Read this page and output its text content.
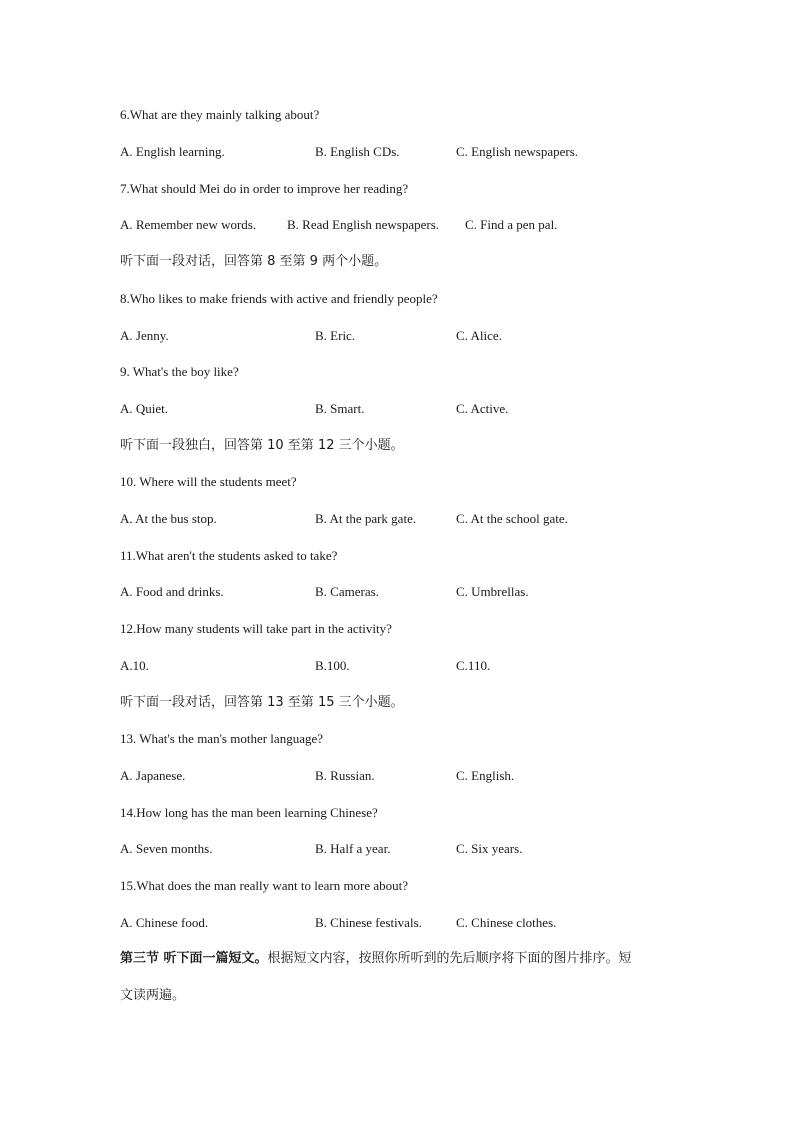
6.What are they mainly talking about?
A. English learning.	B. English CDs.	C. English newspapers.
7.What should Mei do in order to improve her reading?
A. Remember new words. B. Read English newspapers. C. Find a pen pal.
听下面一段对话，回答第 8 至第 9 两个小题。
8.Who likes to make friends with active and friendly people?
A. Jenny.	B. Eric.	C. Alice.
9. What's the boy like?
A. Quiet.	B. Smart.	C. Active.
听下面一段独白，回答第 10 至第 12 三个小题。
10. Where will the students meet?
A. At the bus stop.	B. At the park gate.	C. At the school gate.
11.What aren't the students asked to take?
A. Food and drinks.	B. Cameras.	C. Umbrellas.
12.How many students will take part in the activity?
A.10.	B.100.	C.110.
听下面一段对话，回答第 13 至第 15 三个小题。
13. What's the man's mother language?
A. Japanese.	B. Russian.	C. English.
14.How long has the man been learning Chinese?
A. Seven months.	B. Half a year.	C. Six years.
15.What does the man really want to learn more about?
A. Chinese food.	B. Chinese festivals.	C. Chinese clothes.
第三节 听下面一篇短文。根据短文内容，按照你所听到的先后顺序将下面的图片排序。短
文读两遍。
